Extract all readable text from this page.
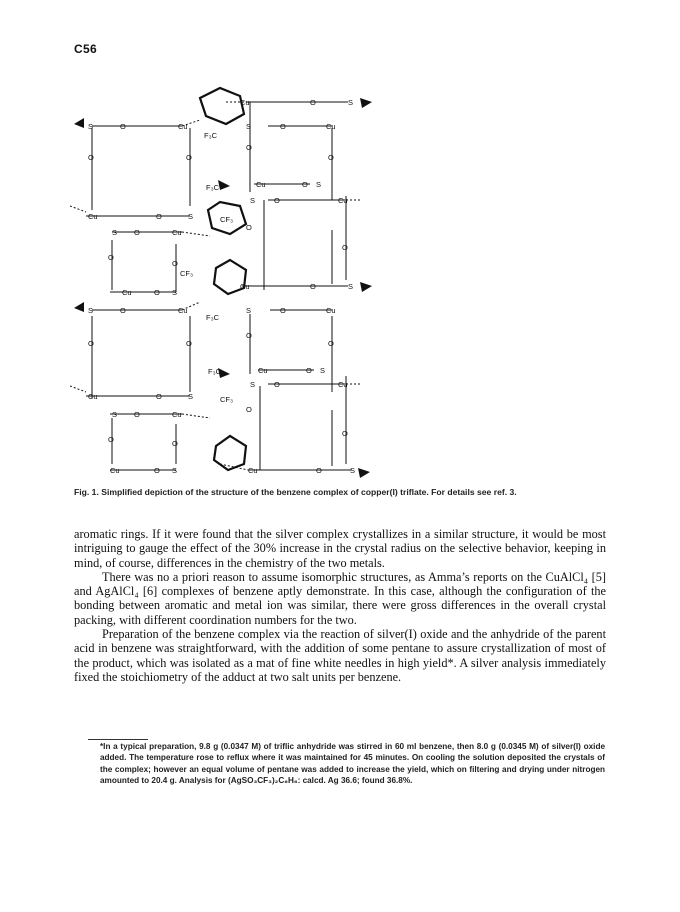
C56
S	O	Cu
Cu	O	S
F₃C
S	O	Cu
O	O
O
O
F₃C	Cu	O S
S	O	Cu
Cu	O	S	CF₃
O
S O	Cu
O
O
O
CF₃
Cu	O S
Cu	O	S
S	O	Cu
F₃C
S	O	Cu
O	O
O
O
F₃C	Cu	O S
S	O	Cu
Cu	O	S	CF₃
O
S O	Cu
O	O
O
Cu	O S	Cu	O	S
Fig. 1. Simplified depiction of the structure of the benzene complex of copper(I) triflate. For details see ref. 3.

aromatic rings. If it were found that the silver complex crystallizes in a similar structure, it would be most intriguing to gauge the effect of the 30% increase in the crystal radius on the selective behavior, keeping in mind, of course, differences in the chemistry of the two metals.

There was no a priori reason to assume isomorphic structures, as Amma’s reports on the CuAlCl₄ [5] and AgAlCl₄ [6] complexes of benzene aptly demonstrate. In this case, although the configuration of the bonding between aromatic and metal ion was similar, there were gross differences in the overall crystal packing, with different coordination numbers for the two.

Preparation of the benzene complex via the reaction of silver(I) oxide and the anhydride of the parent acid in benzene was straightforward, with the addition of some pentane to assure crystallization of most of the product, which was isolated as a mat of fine white needles in high yield*. A silver analysis immediately fixed the stoichiometry of the adduct at two salt units per benzene.

*In a typical preparation, 9.8 g (0.0347 M) of triflic anhydride was stirred in 60 ml benzene, then 8.0 g (0.0345 M) of silver(I) oxide added. The temperature rose to reflux where it was maintained for 45 minutes. On cooling the solution deposited the crystals of the complex; however an equal volume of pentane was added to increase the yield, which on filtering and drying under nitrogen amounted to 20.4 g. Analysis for (AgSO₃CF₃)₂C₆H₆: calcd. Ag 36.6; found 36.8%.
